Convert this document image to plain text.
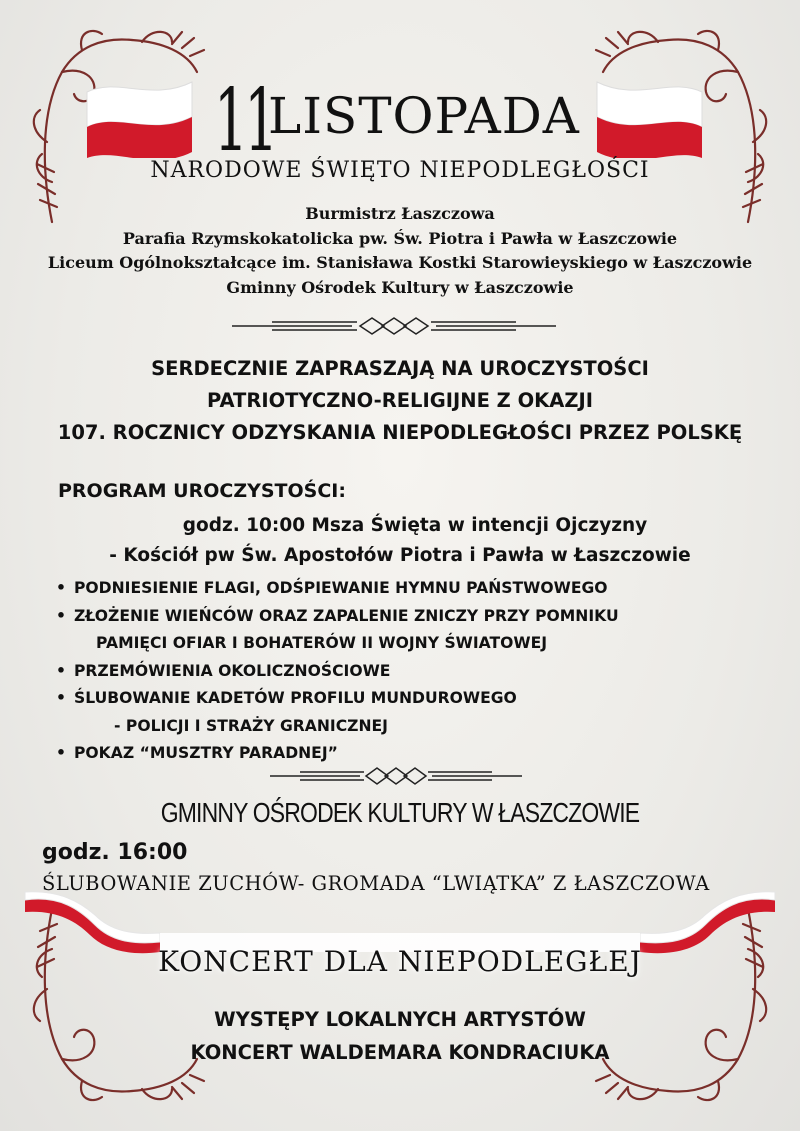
11
LISTOPADA
NARODOWE ŚWIĘTO NIEPODLEGŁOŚCI
Burmistrz Łaszczowa
Parafia Rzymskokatolicka pw. Św. Piotra i Pawła w Łaszczowie
Liceum Ogólnokształcące im. Stanisława Kostki Starowieyskiego w Łaszczowie
Gminny Ośrodek Kultury w Łaszczowie
SERDECZNIE ZAPRASZAJĄ NA UROCZYSTOŚCI
PATRIOTYCZNO-RELIGIJNE Z OKAZJI
107. ROCZNICY ODZYSKANIA NIEPODLEGŁOŚCI PRZEZ POLSKĘ
PROGRAM UROCZYSTOŚCI:
godz. 10:00 Msza Święta w intencji Ojczyzny
- Kościół pw Św. Apostołów Piotra i Pawła w Łaszczowie
• PODNIESIENIE FLAGI, ODŚPIEWANIE HYMNU PAŃSTWOWEGO
• ZŁOŻENIE WIEŃCÓW ORAZ ZAPALENIE ZNICZY PRZY POMNIKU
PAMIĘCI OFIAR I BOHATERÓW II WOJNY ŚWIATOWEJ
• PRZEMÓWIENIA OKOLICZNOŚCIOWE
• ŚLUBOWANIE KADETÓW PROFILU MUNDUROWEGO
- POLICJI I STRAŻY GRANICZNEJ
• POKAZ “MUSZTRY PARADNEJ”
GMINNY OŚRODEK KULTURY W ŁASZCZOWIE
godz. 16:00
ŚLUBOWANIE ZUCHÓW- GROMADA “LWIĄTKA” Z ŁASZCZOWA
KONCERT DLA NIEPODLEGŁEJ
WYSTĘPY LOKALNYCH ARTYSTÓW
KONCERT WALDEMARA KONDRACIUKA
